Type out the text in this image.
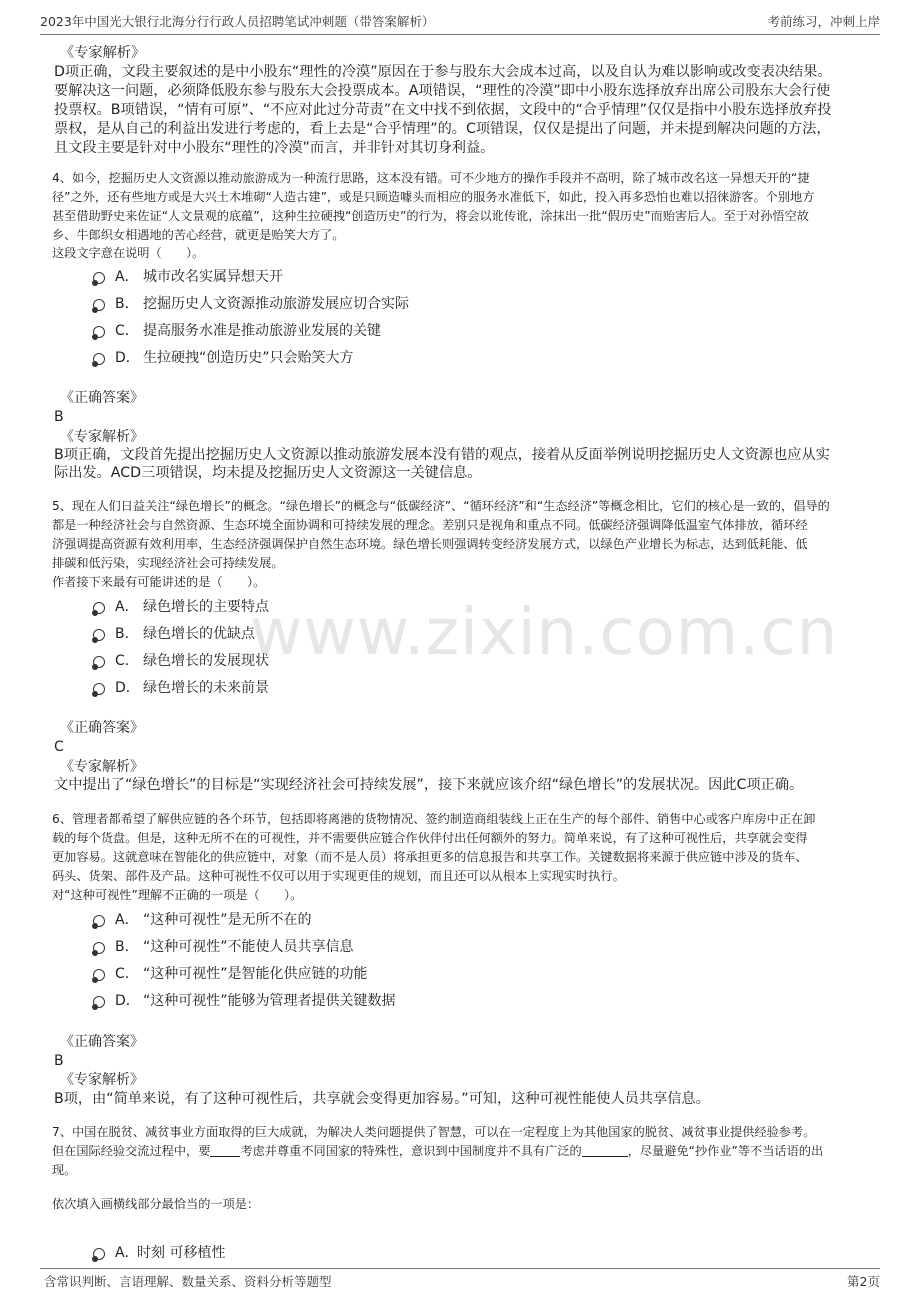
2023年中国光大银行北海分行行政人员招聘笔试冲刺题（带答案解析）	考前练习，冲刺上岸
www.zixin.com.cn
《专家解析》
D项正确，文段主要叙述的是中小股东“理性的冷漠”原因在于参与股东大会成本过高，以及自认为难以影响或改变表决结果。
要解决这一问题，必须降低股东参与股东大会投票成本。A项错误，“理性的冷漠”即中小股东选择放弃出席公司股东大会行使
投票权。B项错误，“情有可原”、“不应对此过分苛责”在文中找不到依据，文段中的“合乎情理”仅仅是指中小股东选择放弃投
票权，是从自己的利益出发进行考虑的，看上去是“合乎情理”的。C项错误，仅仅是提出了问题，并未提到解决问题的方法，
且文段主要是针对中小股东“理性的冷漠”而言，并非针对其切身利益。
4、如今，挖掘历史人文资源以推动旅游成为一种流行思路，这本没有错。可不少地方的操作手段并不高明，除了城市改名这一异想天开的“捷
径”之外，还有些地方或是大兴土木堆砌“人造古建”，或是只顾造噱头而相应的服务水准低下，如此，投入再多恐怕也难以招徕游客。个别地方
甚至借助野史来佐证“人文景观的底蕴”，这种生拉硬拽“创造历史”的行为，将会以讹传讹，涂抹出一批“假历史”而贻害后人。至于对孙悟空故
乡、牛郎织女相遇地的苦心经营，就更是贻笑大方了。
这段文字意在说明（　　）。
A． 城市改名实属异想天开
B． 挖掘历史人文资源推动旅游发展应切合实际
C． 提高服务水准是推动旅游业发展的关键
D． 生拉硬拽“创造历史”只会贻笑大方
《正确答案》
B
《专家解析》
B项正确，文段首先提出挖掘历史人文资源以推动旅游发展本没有错的观点，接着从反面举例说明挖掘历史人文资源也应从实
际出发。ACD三项错误，均未提及挖掘历史人文资源这一关键信息。
5、现在人们日益关注“绿色增长”的概念。“绿色增长”的概念与“低碳经济”、“循环经济”和“生态经济”等概念相比，它们的核心是一致的，倡导的
都是一种经济社会与自然资源、生态环境全面协调和可持续发展的理念。差别只是视角和重点不同。低碳经济强调降低温室气体排放，循环经
济强调提高资源有效利用率，生态经济强调保护自然生态环境。绿色增长则强调转变经济发展方式，以绿色产业增长为标志，达到低耗能、低
排碳和低污染，实现经济社会可持续发展。
作者接下来最有可能讲述的是（　　）。
A． 绿色增长的主要特点
B． 绿色增长的优缺点
C． 绿色增长的发展现状
D． 绿色增长的未来前景
《正确答案》
C
《专家解析》
文中提出了“绿色增长”的目标是“实现经济社会可持续发展”，接下来就应该介绍“绿色增长”的发展状况。因此C项正确。
6、管理者都希望了解供应链的各个环节，包括即将离港的货物情况、签约制造商组装线上正在生产的每个部件、销售中心或客户库房中正在卸
载的每个货盘。但是，这种无所不在的可视性，并不需要供应链合作伙伴付出任何额外的努力。简单来说，有了这种可视性后，共享就会变得
更加容易。这就意味在智能化的供应链中，对象（而不是人员）将承担更多的信息报告和共享工作。关键数据将来源于供应链中涉及的货车、
码头、货架、部件及产品。这种可视性不仅可以用于实现更佳的规划，而且还可以从根本上实现实时执行。
对“这种可视性”理解不正确的一项是（　　）。
A． “这种可视性”是无所不在的
B． “这种可视性”不能使人员共享信息
C． “这种可视性”是智能化供应链的功能
D． “这种可视性”能够为管理者提供关键数据
《正确答案》
B
《专家解析》
B项，由“简单来说，有了这种可视性后，共享就会变得更加容易。”可知，这种可视性能使人员共享信息。
7、中国在脱贫、减贫事业方面取得的巨大成就，为解决人类问题提供了智慧，可以在一定程度上为其他国家的脱贫、减贫事业提供经验参考。
但在国际经验交流过程中，要 考虑并尊重不同国家的特殊性，意识到中国制度并不具有广泛的	，尽量避免“抄作业”等不当话语的出
现。
依次填入画横线部分最恰当的一项是：
A．时刻 可移植性
含常识判断、言语理解、数量关系、资料分析等题型	第2页
